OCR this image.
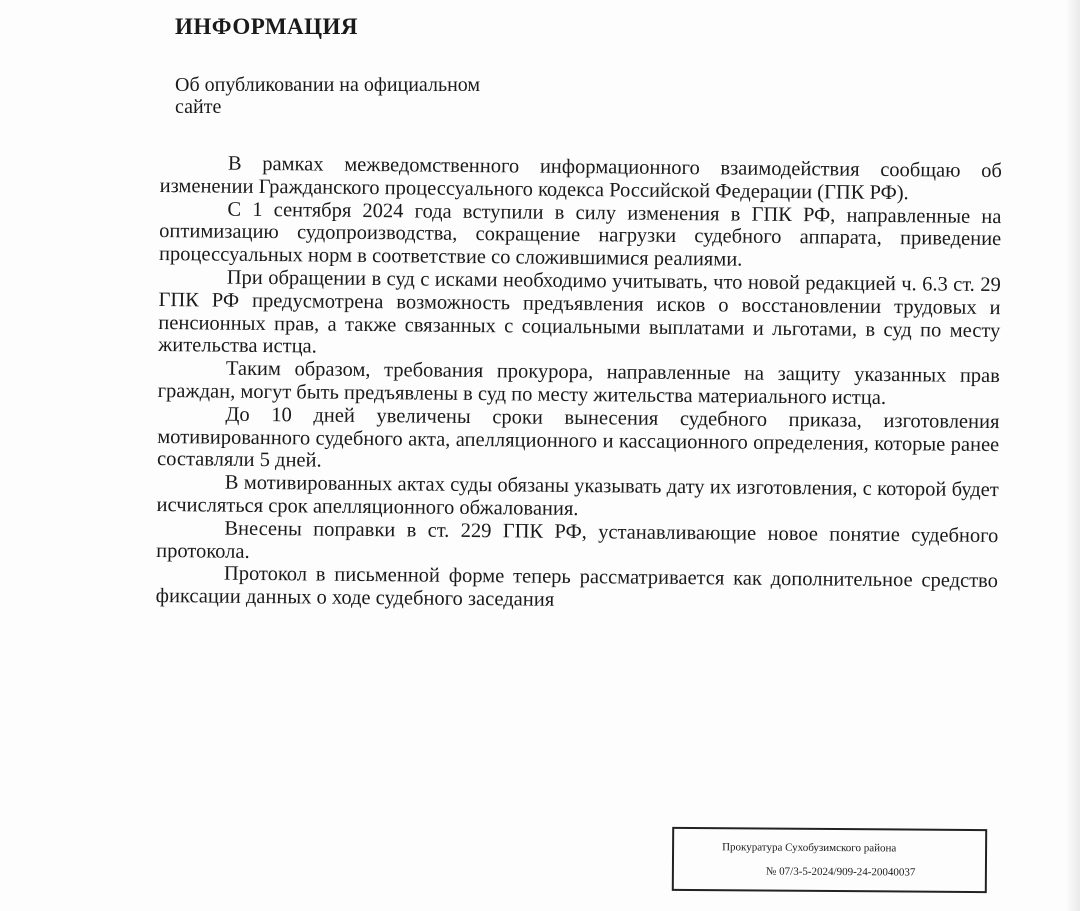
ИНФОРМАЦИЯ
Об опубликовании на официальном
сайте

В рамках межведомственного информационного взаимодействия сообщаю об изменении Гражданского процессуального кодекса Российской Федерации (ГПК РФ).

С 1 сентября 2024 года вступили в силу изменения в ГПК РФ, направленные на оптимизацию судопроизводства, сокращение нагрузки судебного аппарата, приведение процессуальных норм в соответствие со сложившимися реалиями.

При обращении в суд с исками необходимо учитывать, что новой редакцией ч. 6.3 ст. 29 ГПК РФ предусмотрена возможность предъявления исков о восстановлении трудовых и пенсионных прав, а также связанных с социальными выплатами и льготами, в суд по месту жительства истца.

Таким образом, требования прокурора, направленные на защиту указанных прав граждан, могут быть предъявлены в суд по месту жительства материального истца.

До 10 дней увеличены сроки вынесения судебного приказа, изготовления мотивированного судебного акта, апелляционного и кассационного определения, которые ранее составляли 5 дней.

В мотивированных актах суды обязаны указывать дату их изготовления, с которой будет исчисляться срок апелляционного обжалования.

Внесены поправки в ст. 229 ГПК РФ, устанавливающие новое понятие судебного протокола.

Протокол в письменной форме теперь рассматривается как дополнительное средство фиксации данных о ходе судебного заседания

Прокуратура Сухобузимского района
№ 07/3-5-2024/909-24-20040037
